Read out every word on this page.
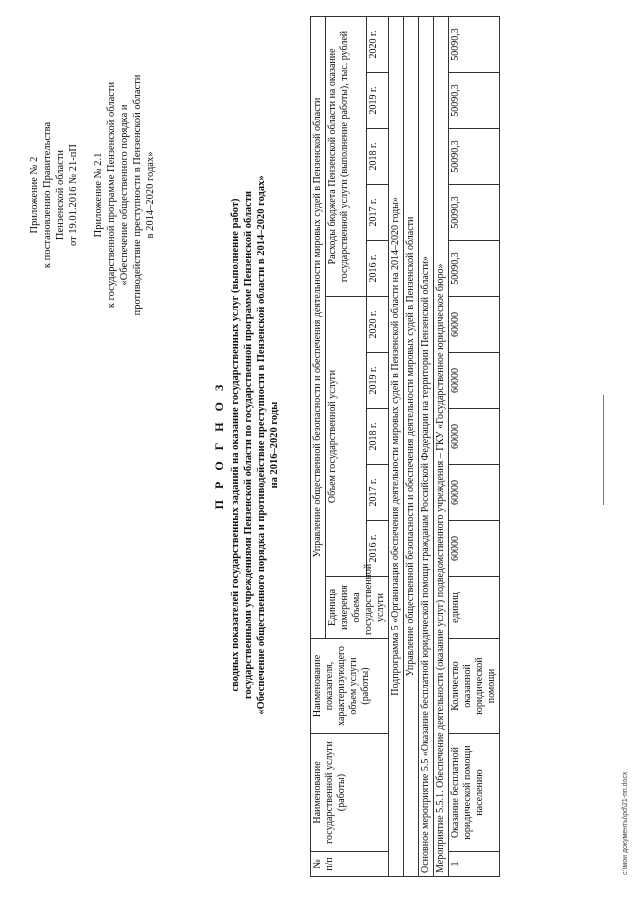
Приложение № 2 к постановлению Правительства Пензенской области от 19.01.2016 № 21-пП Приложение № 2.1 к государственной программе Пензенской области «Обеспечение общественного порядка и противодействие преступности в Пензенской области в 2014–2020 годах»

П Р О Г Н О З сводных показателей государственных заданий на оказание государственных услуг (выполнение работ) государственными учреждениями Пензенской области по государственной программе Пензенской области «Обеспечение общественного порядка и противодействие преступности в Пензенской области в 2014–2020 годах» на 2016–2020 годы
№ п/п	Наименование государственной услуги (работы)	Наименование показателя, характеризующего объем услуги (работы)	Управление общественной безопасности и обеспечения деятельности мировых судей в Пензенской области										
			Единица измерения объема государственной услуги	Объем государственной услуги					Расходы бюджета Пензенской области на оказание государственной услуги (выполнение работы), тыс. рублей				
				2016 г.	2017 г.	2018 г.	2019 г.	2020 г.	2016 г.	2017 г.	2018 г.	2019 г.	2020 г.
Подпрограмма 5 «Организация обеспечения деятельности мировых судей в Пензенской области на 2014–2020 годы»													
Управление общественной безопасности и обеспечения деятельности мировых судей в Пензенской области													
Основное мероприятие 5.5 «Оказание бесплатной юридической помощи гражданам Российской Федерации на территории Пензенской области»													
Мероприятие 5.5.1. Обеспечение деятельности (оказание услуг) подведомственного учреждения – ГКУ «Государственное юридическое бюро»													
1	Оказание бесплатной юридической помощи населению	Количество оказанной юридической помощи	единиц	60000	60000	60000	60000	60000	50090,3	50090,3	50090,3	50090,3	50090,3
c:\мои документы\pd\21-пп.docx
